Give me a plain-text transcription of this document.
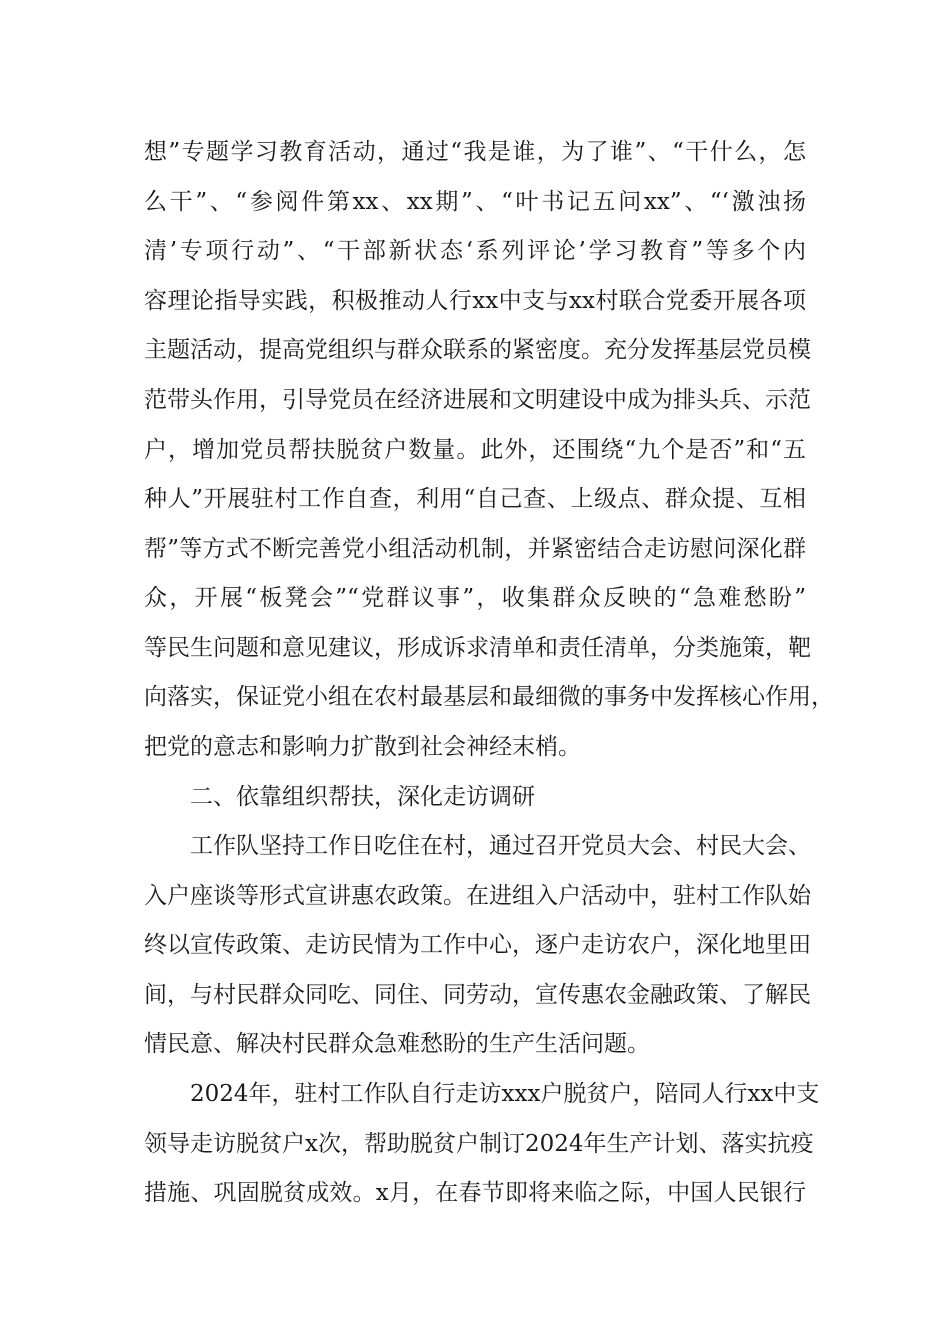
想”专题学习教育活动，通过“我是谁，为了谁”、“干什么，怎
么干”、“参阅件第xx、xx期”、“叶书记五问xx”、“‘激浊扬
清’专项行动”、“干部新状态‘系列评论’学习教育”等多个内
容理论指导实践，积极推动人行xx中支与xx村联合党委开展各项
主题活动，提高党组织与群众联系的紧密度。充分发挥基层党员模
范带头作用，引导党员在经济进展和文明建设中成为排头兵、示范
户，增加党员帮扶脱贫户数量。此外，还围绕“九个是否”和“五
种人”开展驻村工作自查，利用“自己查、上级点、群众提、互相
帮”等方式不断完善党小组活动机制，并紧密结合走访慰问深化群
众，开展“板凳会”“党群议事”，收集群众反映的“急难愁盼”
等民生问题和意见建议，形成诉求清单和责任清单，分类施策，靶
向落实，保证党小组在农村最基层和最细微的事务中发挥核心作用，
把党的意志和影响力扩散到社会神经末梢。
二、依靠组织帮扶，深化走访调研
工作队坚持工作日吃住在村，通过召开党员大会、村民大会、
入户座谈等形式宣讲惠农政策。在进组入户活动中，驻村工作队始
终以宣传政策、走访民情为工作中心，逐户走访农户，深化地里田
间，与村民群众同吃、同住、同劳动，宣传惠农金融政策、了解民
情民意、解决村民群众急难愁盼的生产生活问题。
2024年，驻村工作队自行走访xxx户脱贫户，陪同人行xx中支
领导走访脱贫户x次，帮助脱贫户制订2024年生产计划、落实抗疫
措施、巩固脱贫成效。x月，在春节即将来临之际，中国人民银行
